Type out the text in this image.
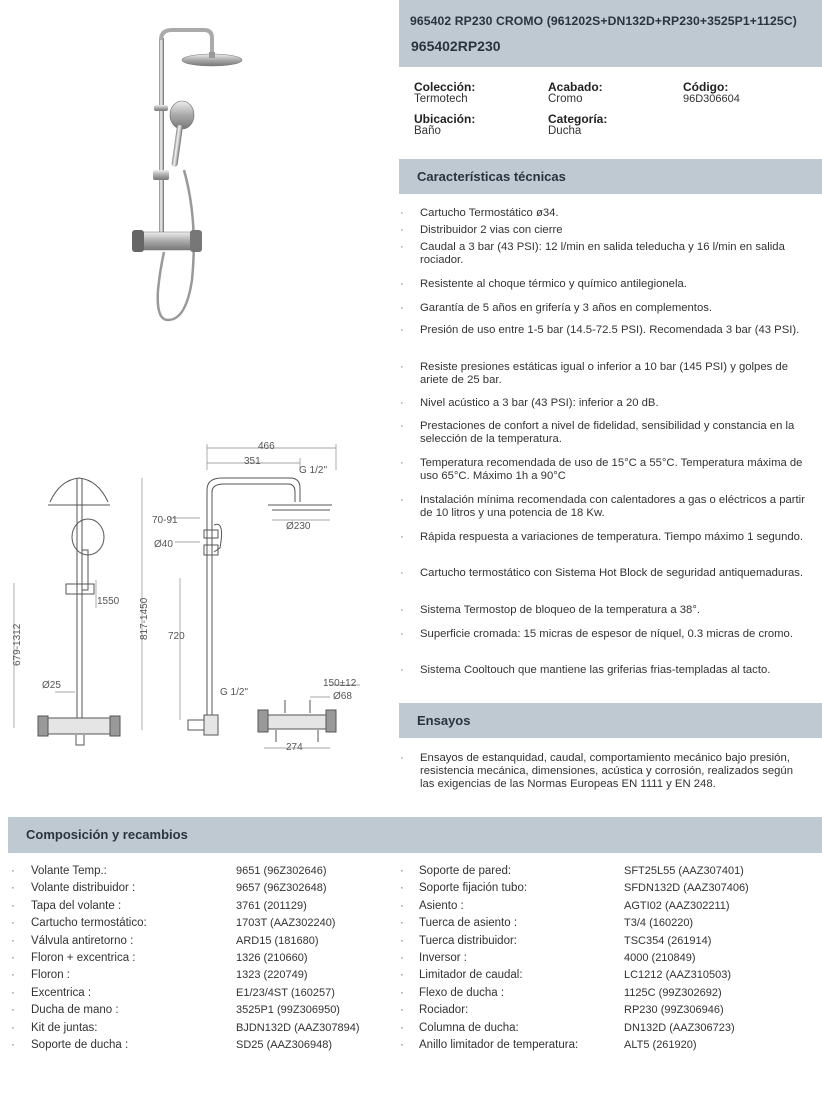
965402 RP230 CROMO (961202S+DN132D+RP230+3525P1+1125C)
965402RP230
Colección:
Termotech
Acabado:
Cromo
Código:
96D306604
Ubicación:
Baño
Categoría:
Ducha
Características técnicas
· Cartucho Termostático ø34.
· Distribuidor 2 vias con cierre
· Caudal a 3 bar (43 PSI): 12 l/min en salida teleducha y 16 l/min en salida rociador.
· Resistente al choque térmico y químico antilegionela.
· Garantía de 5 años en grifería y 3 años en complementos.
· Presión de uso entre 1-5 bar (14.5-72.5 PSI). Recomendada 3 bar (43 PSI).
· Resiste presiones estáticas igual o inferior a 10 bar (145 PSI) y golpes de ariete de 25 bar.
· Nivel acústico a 3 bar (43 PSI): inferior a 20 dB.
· Prestaciones de confort a nivel de fidelidad, sensibilidad y constancia en la selección de la temperatura.
· Temperatura recomendada de uso de 15°C a 55°C. Temperatura máxima de uso 65°C. Máximo 1h a 90°C
· Instalación mínima recomendada con calentadores a gas o eléctricos a partir de 10 litros y una potencia de 18 Kw.
· Rápida respuesta a variaciones de temperatura. Tiempo máximo 1 segundo.
· Cartucho termostático con Sistema Hot Block de seguridad antiquemaduras.
· Sistema Termostop de bloqueo de la temperatura a 38°.
· Superficie cromada: 15 micras de espesor de níquel, 0.3 micras de cromo.
· Sistema Cooltouch que mantiene las griferias frias-templadas al tacto.
Ensayos
· Ensayos de estanquidad, caudal, comportamiento mecánico bajo presión, resistencia mecánica, dimensiones, acústica y corrosión, realizados según las exigencias de las Normas Europeas EN 1111 y EN 248.
466
351
G 1/2"
70-91
Ø40
Ø230
1550
679-1312
817-1450 720
Ø25
G 1/2"
150±12
Ø68
274
Composición y recambios
· Volante Temp.:	9651 (96Z302646)
· Volante distribuidor :	9657 (96Z302648)
· Tapa del volante :	3761 (201129)
· Cartucho termostático:	1703T (AAZ302240)
· Válvula antiretorno :	ARD15 (181680)
· Floron + excentrica :	1326 (210660)
· Floron :	1323 (220749)
· Excentrica :	E1/23/4ST (160257)
· Ducha de mano :	3525P1 (99Z306950)
· Kit de juntas:	BJDN132D (AAZ307894)
· Soporte de ducha :	SD25 (AAZ306948)
· Soporte de pared:	SFT25L55 (AAZ307401)
· Soporte fijación tubo:	SFDN132D (AAZ307406)
· Asiento :	AGTI02 (AAZ302211)
· Tuerca de asiento :	T3/4 (160220)
· Tuerca distribuidor:	TSC354 (261914)
· Inversor :	4000 (210849)
· Limitador de caudal:	LC1212 (AAZ310503)
· Flexo de ducha :	1125C (99Z302692)
· Rociador:	RP230 (99Z306946)
· Columna de ducha:	DN132D (AAZ306723)
· Anillo limitador de temperatura:	ALT5 (261920)
